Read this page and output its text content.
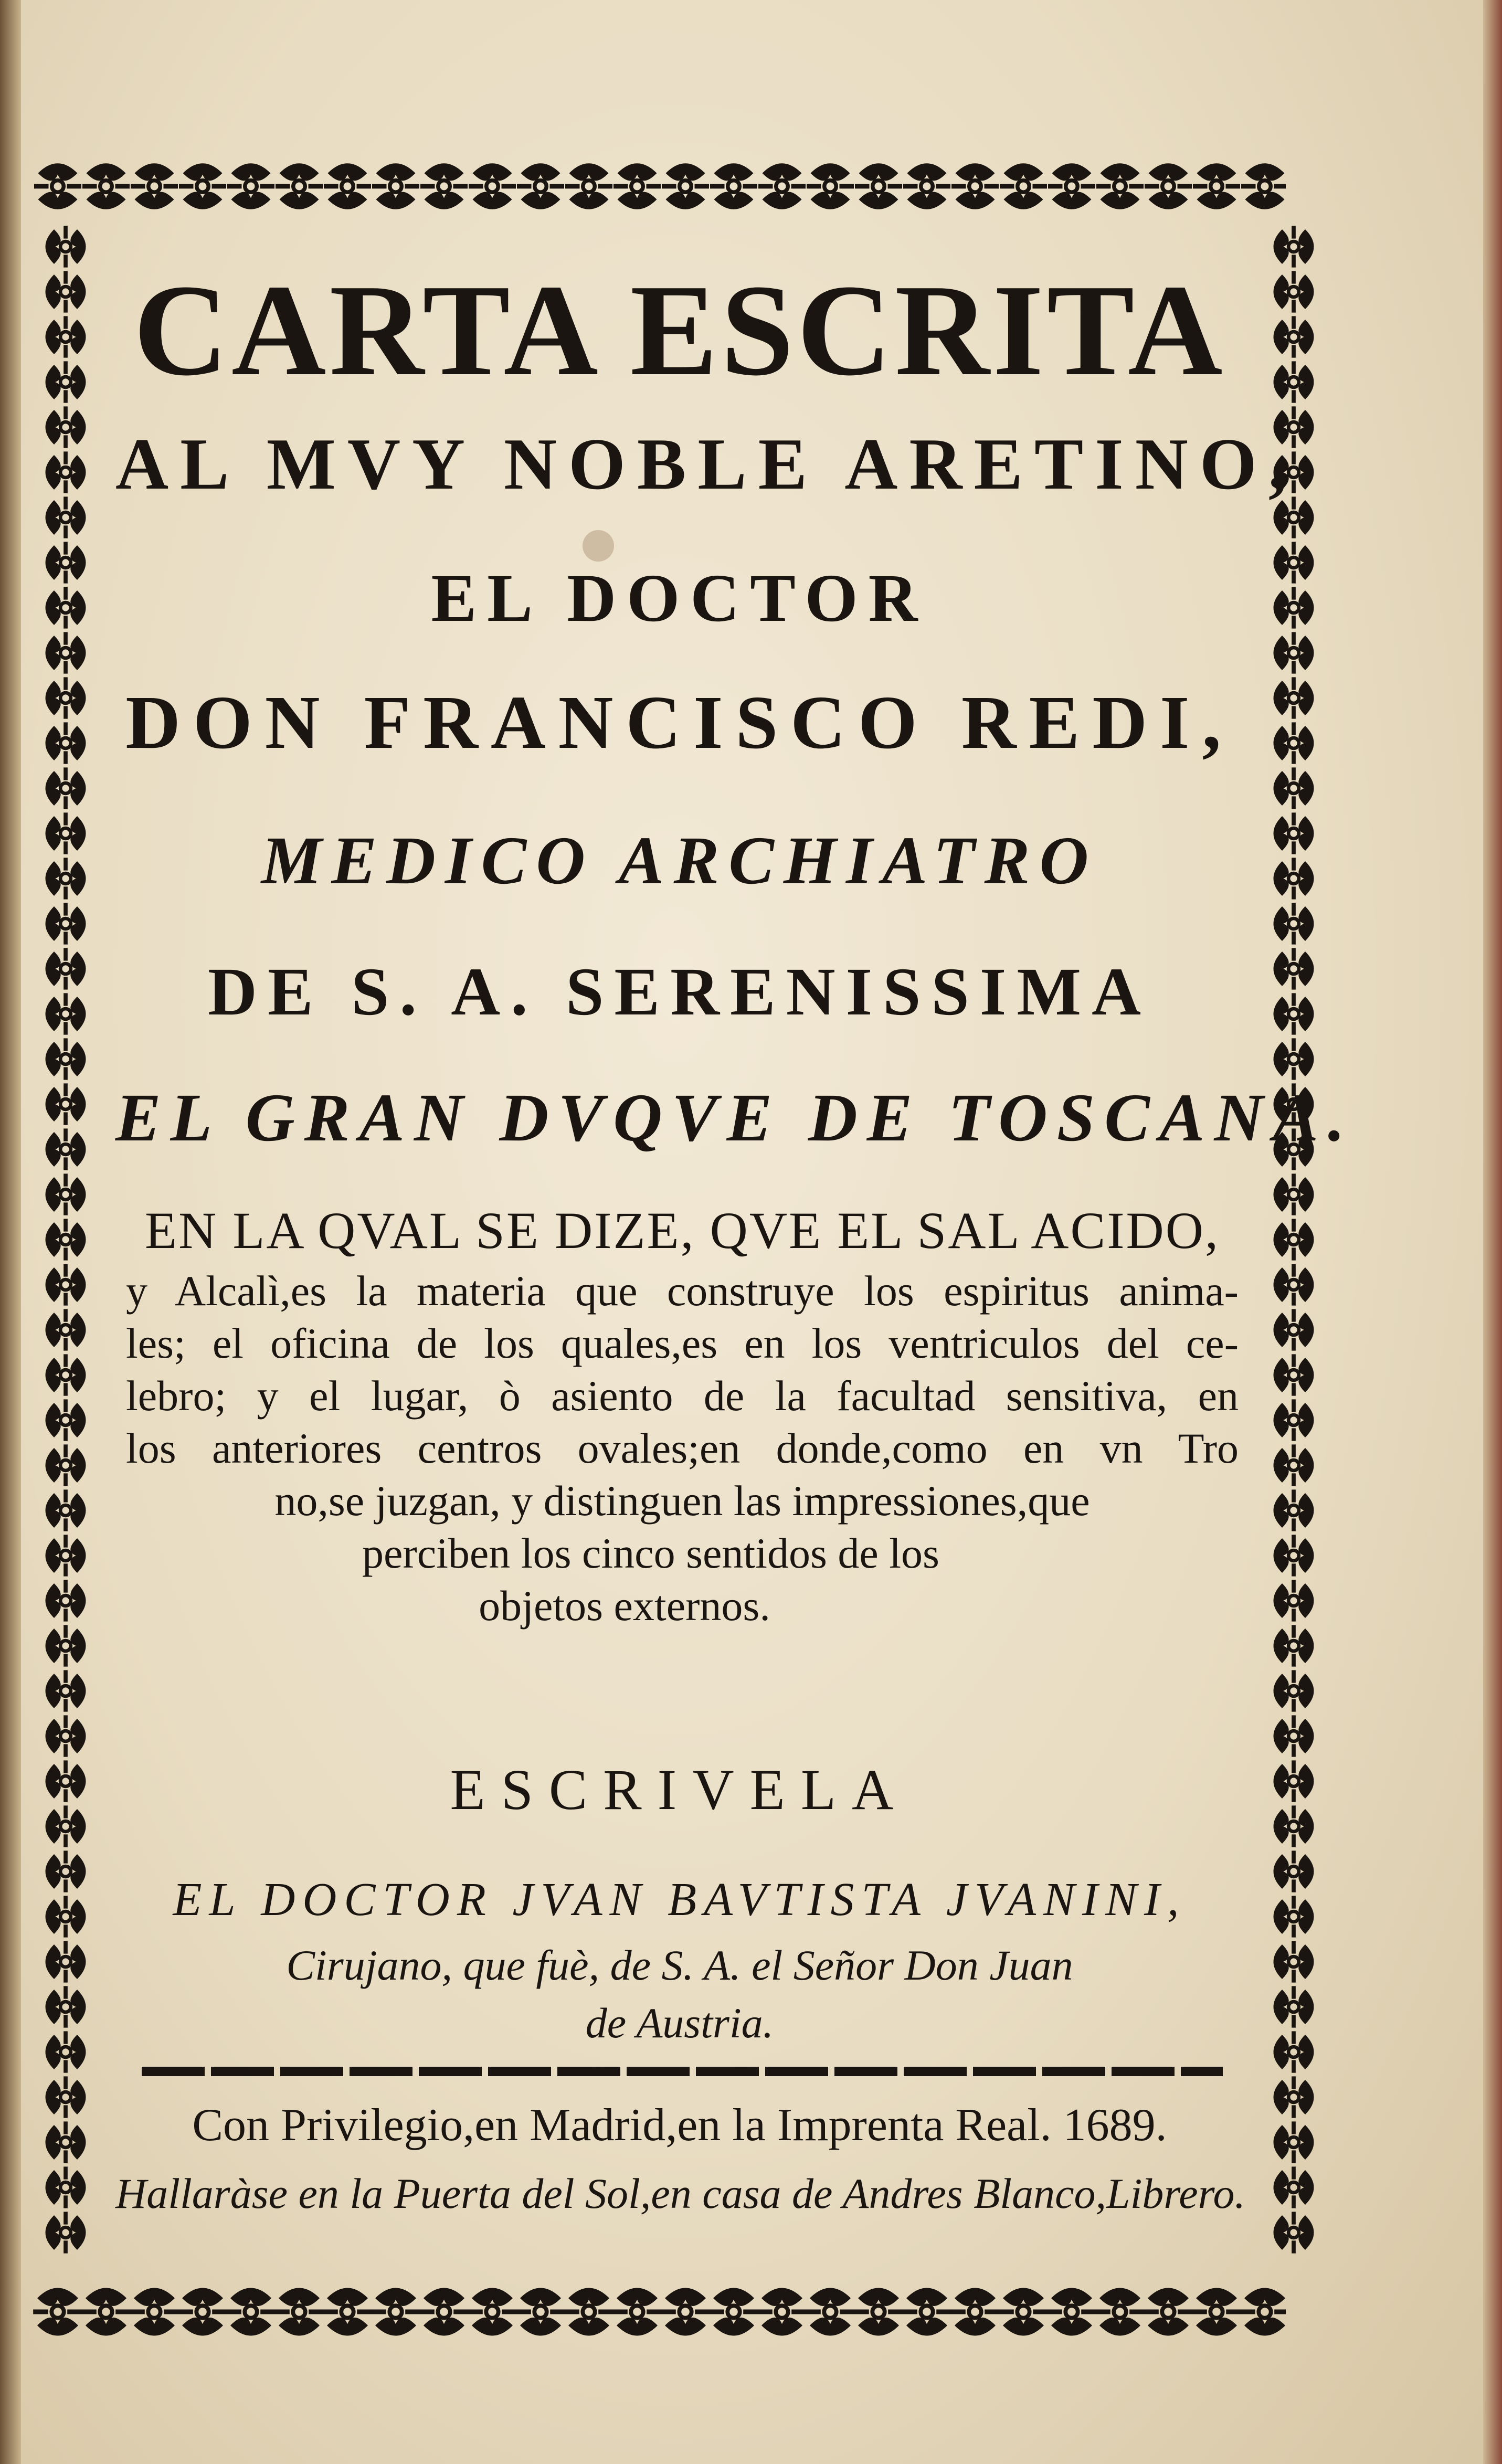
CARTA ESCRITA

AL MVY NOBLE ARETINO,

EL DOCTOR

DON FRANCISCO REDI,

MEDICO ARCHIATRO

DE S. A. SERENISSIMA

EL GRAN DVQVE DE TOSCANA.

EN LA QVAL SE DIZE, QVE EL SAL ACIDO,

y Alcalì,es la materia que construye los espiritus anima-

les; el oficina de los quales,es en los ventriculos del ce-

lebro; y el lugar, ò asiento de la facultad sensitiva, en

los anteriores centros ovales;en donde,como en vn Tro

no,se juzgan, y distinguen las impressiones,que

perciben los cinco sentidos de los

objetos externos.

ESCRIVELA

EL DOCTOR JVAN BAVTISTA JVANINI,

Cirujano, que fuè, de S. A. el Señor Don Juan

de Austria.

Con Privilegio,en Madrid,en la Imprenta Real. 1689.

Hallaràse en la Puerta del Sol,en casa de Andres Blanco,Librero.
